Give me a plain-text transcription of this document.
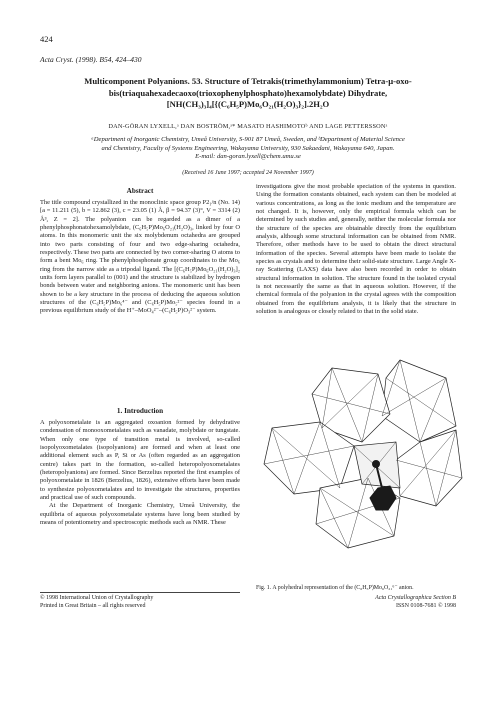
424
Acta Cryst. (1998). B54, 424–430
Multicomponent Polyanions. 53. Structure of Tetrakis(trimethylammonium) Tetra-μ-oxo-
bis(triaquahexadecaoxo(trioxophenylphosphato)hexamolybdate) Dihydrate,
[NH(CH₃)₃]₄[{(C₆H₅P)Mo₆O₂₁(H₂O)₃}₂].2H₂O
DAN-GÖRAN LYXELL,ᵃ DAN BOSTRÖM,ᵃ* MASATO HASHIMOTOᵇ AND LAGE PETTERSSONᵃ
ᵃDepartment of Inorganic Chemistry, Umeå University, S-901 87 Umeå, Sweden, and ᵇDepartment of Material Science
and Chemistry, Faculty of Systems Engineering, Wakayama University, 930 Sakaedani, Wakayama 640, Japan.
E-mail: dan-goran.lyxell@chem.umu.se
(Received 16 June 1997; accepted 24 November 1997)
Abstract

The title compound crystallized in the monoclinic space group P2₁/n (No. 14) [a = 11.211 (5), b = 12.862 (3), c = 23.05 (1) Å, β = 94.37 (3)°, V = 3314 (2) Å³, Z = 2]. The polyanion can be regarded as a dimer of a phenylphosphonatohexamolybdate, (C₆H₅P)Mo₆O₂₁(H₂O)₃, linked by four O atoms. In this monomeric unit the six molybdenum octahedra are grouped into two parts consisting of four and two edge-sharing octahedra, respectively. These two parts are connected by two corner-sharing O atoms to form a bent Mo₆ ring. The phenylphosphonate group coordinates to the Mo₆ ring from the narrow side as a tripodal ligand. The [(C₆H₅P)Mo₆O₂₁(H₂O)₃]₂ units form layers parallel to (001) and the structure is stabilized by hydrogen bonds between water and neighboring anions. The monomeric unit has been shown to be a key structure in the process of deducing the aqueous solution structures of the (C₆H₅P)Mo₆⁴⁻ and (C₆H₅P)Mo₅²⁻ species found in a previous equilibrium study of the H⁺–MoO₄²⁻–(C₆H₅P)O₃²⁻ system.

investigations give the most probable speciation of the systems in question. Using the formation constants obtained, each system can then be modeled at various concentrations, as long as the ionic medium and the temperature are not changed. It is, however, only the empirical formula which can be determined by such studies and, generally, neither the molecular formula nor the structure of the species are obtainable directly from the equilibrium analysis, although some structural information can be obtained from NMR. Therefore, other methods have to be used to obtain the direct structural information of the species. Several attempts have been made to isolate the species as crystals and to determine their solid-state structure. Large Angle X-ray Scattering (LAXS) data have also been recorded in order to obtain structural information in solution. The structure found in the isolated crystal is not necessarily the same as that in aqueous solution. However, if the chemical formula of the polyanion in the crystal agrees with the composition obtained from the equilibrium analysis, it is likely that the structure in solution is analogous or closely related to that in the solid state.

1. Introduction

A polyoxometalate is an aggregated oxoanion formed by dehydrative condensation of monooxometalates such as vanadate, molybdate or tungstate. When only one type of transition metal is involved, so-called isopolyoxometalates (isopolyanions) are formed and when at least one additional element such as P, Si or As (often regarded as an aggregation centre) takes part in the formation, so-called heteropolyoxometalates (heteropolyanions) are formed. Since Berzelius reported the first examples of polyoxometalate in 1826 (Berzelius, 1826), extensive efforts have been made to synthesize polyoxometalates and to investigate the structures, properties and practical use of such compounds.

At the Department of Inorganic Chemistry, Umeå University, the equilibria of aqueous polyoxometalate systems have long been studied by means of potentiometry and spectroscopic methods such as NMR. These

Fig. 1. A polyhedral representation of the (C₆H₅P)Mo₆O₂₁⁶⁻ anion.
© 1998 International Union of Crystallography
Printed in Great Britain – all rights reserved
Acta Crystallographica Section B
ISSN 0108-7681 © 1998
